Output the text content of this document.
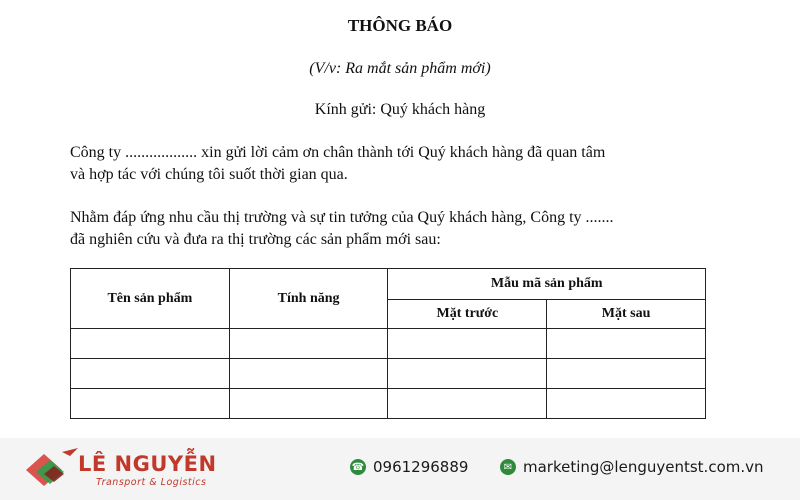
THÔNG BÁO
(V/v: Ra mắt sản phẩm mới)
Kính gửi: Quý khách hàng
Công ty .................. xin gửi lời cảm ơn chân thành tới Quý khách hàng đã quan tâm
và hợp tác với chúng tôi suốt thời gian qua.
Nhằm đáp ứng nhu cầu thị trường và sự tin tưởng của Quý khách hàng, Công ty .......
đã nghiên cứu và đưa ra thị trường các sản phẩm mới sau:
Tên sản phẩm	Tính năng	Mẫu mã sản phẩm	
		Mặt trước	Mặt sau

LÊ NGUYỄN
Transport & Logistics
☎ 0961296889	✉ marketing@lenguyentst.com.vn
